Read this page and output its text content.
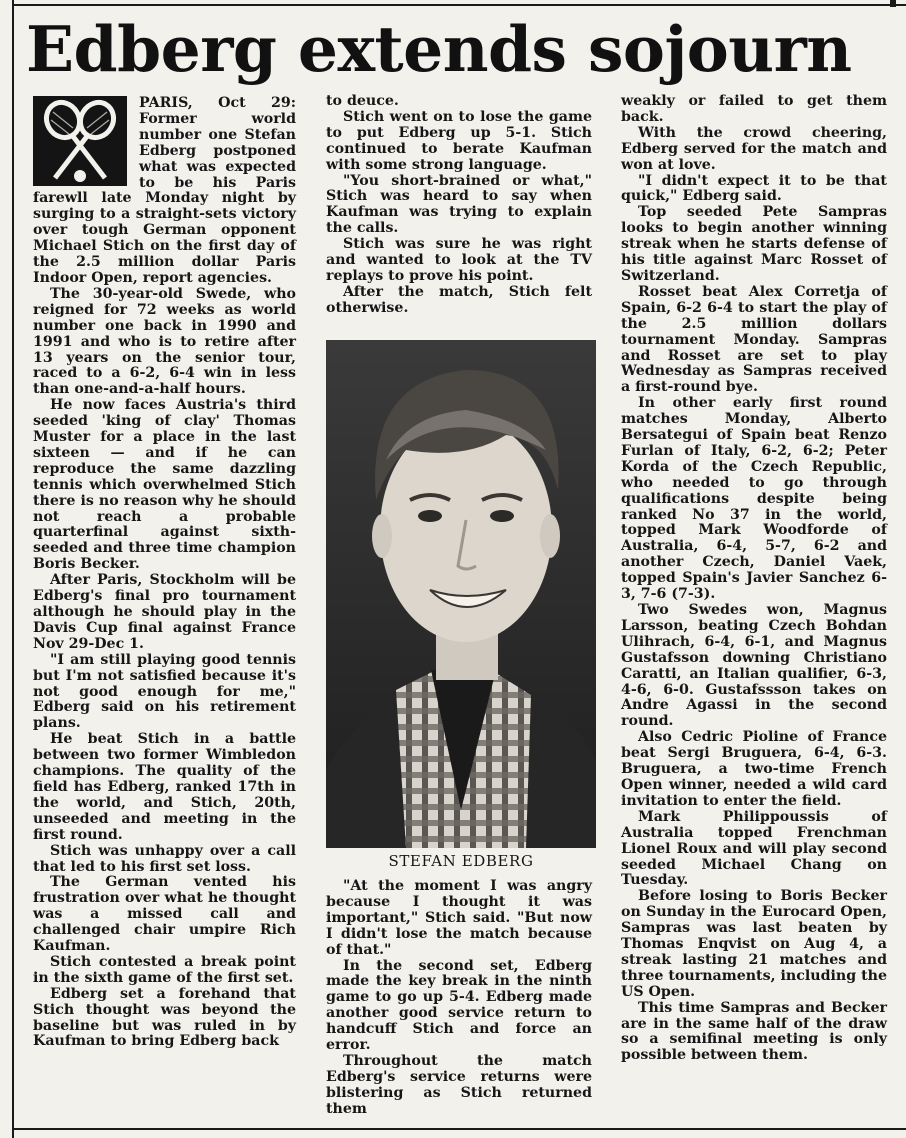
Edberg extends sojourn

PARIS, Oct 29: Former world number one Stefan Edberg postponed what was expected to be his Paris farewll late Monday night by surging to a straight-sets victory over tough German opponent Michael Stich on the first day of the 2.5 million dollar Paris Indoor Open, report agencies.

The 30-year-old Swede, who reigned for 72 weeks as world number one back in 1990 and 1991 and who is to retire after 13 years on the senior tour, raced to a 6-2, 6-4 win in less than one-and-a-half hours.

He now faces Austria's third seeded 'king of clay' Thomas Muster for a place in the last sixteen — and if he can reproduce the same dazzling tennis which overwhelmed Stich there is no reason why he should not reach a probable quarterfinal against sixth-seeded and three time champion Boris Becker.

After Paris, Stockholm will be Edberg's final pro tournament although he should play in the Davis Cup final against France Nov 29-Dec 1.

"I am still playing good tennis but I'm not satisfied because it's not good enough for me," Edberg said on his retirement plans.

He beat Stich in a battle between two former Wimbledon champions. The quality of the field has Edberg, ranked 17th in the world, and Stich, 20th, unseeded and meeting in the first round.

Stich was unhappy over a call that led to his first set loss.

The German vented his frustration over what he thought was a missed call and challenged chair umpire Rich Kaufman.

Stich contested a break point in the sixth game of the first set.

Edberg set a forehand that Stich thought was beyond the baseline but was ruled in by Kaufman to bring Edberg back

to deuce.

Stich went on to lose the game to put Edberg up 5-1. Stich continued to berate Kaufman with some strong language.

"You short-brained or what," Stich was heard to say when Kaufman was trying to explain the calls.

Stich was sure he was right and wanted to look at the TV replays to prove his point.

After the match, Stich felt otherwise.

STEFAN EDBERG

"At the moment I was angry because I thought it was important," Stich said. "But now I didn't lose the match because of that."

In the second set, Edberg made the key break in the ninth game to go up 5-4. Edberg made another good service return to handcuff Stich and force an error.

Throughout the match Edberg's service returns were blistering as Stich returned them

weakly or failed to get them back.

With the crowd cheering, Edberg served for the match and won at love.

"I didn't expect it to be that quick," Edberg said.

Top seeded Pete Sampras looks to begin another winning streak when he starts defense of his title against Marc Rosset of Switzerland.

Rosset beat Alex Corretja of Spain, 6-2 6-4 to start the play of the 2.5 million dollars tournament Monday. Sampras and Rosset are set to play Wednesday as Sampras received a first-round bye.

In other early first round matches Monday, Alberto Bersategui of Spain beat Renzo Furlan of Italy, 6-2, 6-2; Peter Korda of the Czech Republic, who needed to go through qualifications despite being ranked No 37 in the world, topped Mark Woodforde of Australia, 6-4, 5-7, 6-2 and another Czech, Daniel Vaek, topped Spain's Javier Sanchez 6-3, 7-6 (7-3).

Two Swedes won, Magnus Larsson, beating Czech Bohdan Ulihrach, 6-4, 6-1, and Magnus Gustafsson downing Christiano Caratti, an Italian qualifier, 6-3, 4-6, 6-0. Gustafssson takes on Andre Agassi in the second round.

Also Cedric Pioline of France beat Sergi Bruguera, 6-4, 6-3. Bruguera, a two-time French Open winner, needed a wild card invitation to enter the field.

Mark Philippoussis of Australia topped Frenchman Lionel Roux and will play second seeded Michael Chang on Tuesday.

Before losing to Boris Becker on Sunday in the Eurocard Open, Sampras was last beaten by Thomas Enqvist on Aug 4, a streak lasting 21 matches and three tournaments, including the US Open.

This time Sampras and Becker are in the same half of the draw so a semifinal meeting is only possible between them.
